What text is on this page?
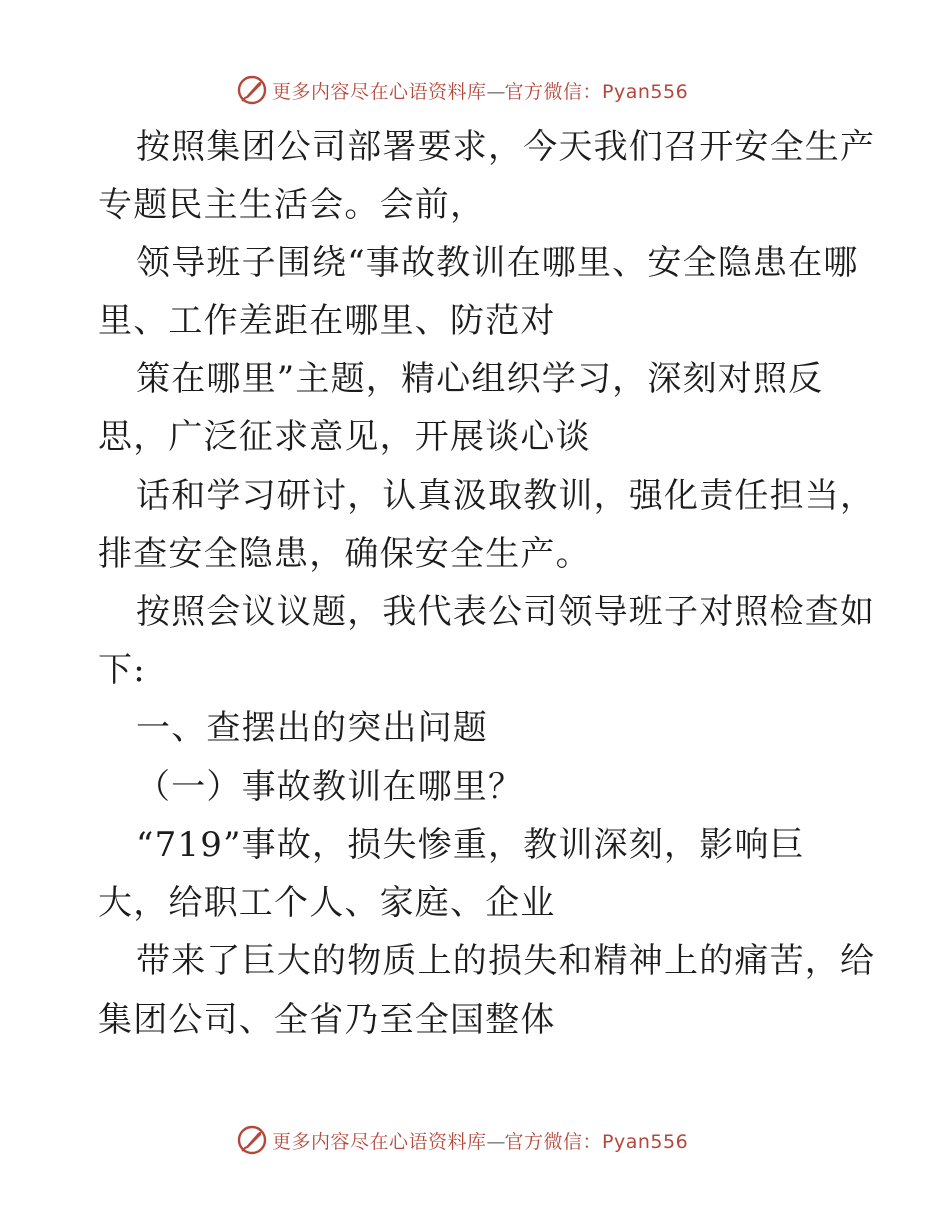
更多内容尽在心语资料库—官方微信：Pyan556
按照集团公司部署要求，今天我们召开安全生产
专题民主生活会。会前，
领导班子围绕“事故教训在哪里、安全隐患在哪
里、工作差距在哪里、防范对
策在哪里”主题，精心组织学习，深刻对照反
思，广泛征求意见，开展谈心谈
话和学习研讨，认真汲取教训，强化责任担当，
排查安全隐患，确保安全生产。
按照会议议题，我代表公司领导班子对照检查如
下:
一、查摆出的突出问题
（一）事故教训在哪里？
“719”事故，损失惨重，教训深刻，影响巨
大，给职工个人、家庭、企业
带来了巨大的物质上的损失和精神上的痛苦，给
集团公司、全省乃至全国整体
更多内容尽在心语资料库—官方微信：Pyan556
